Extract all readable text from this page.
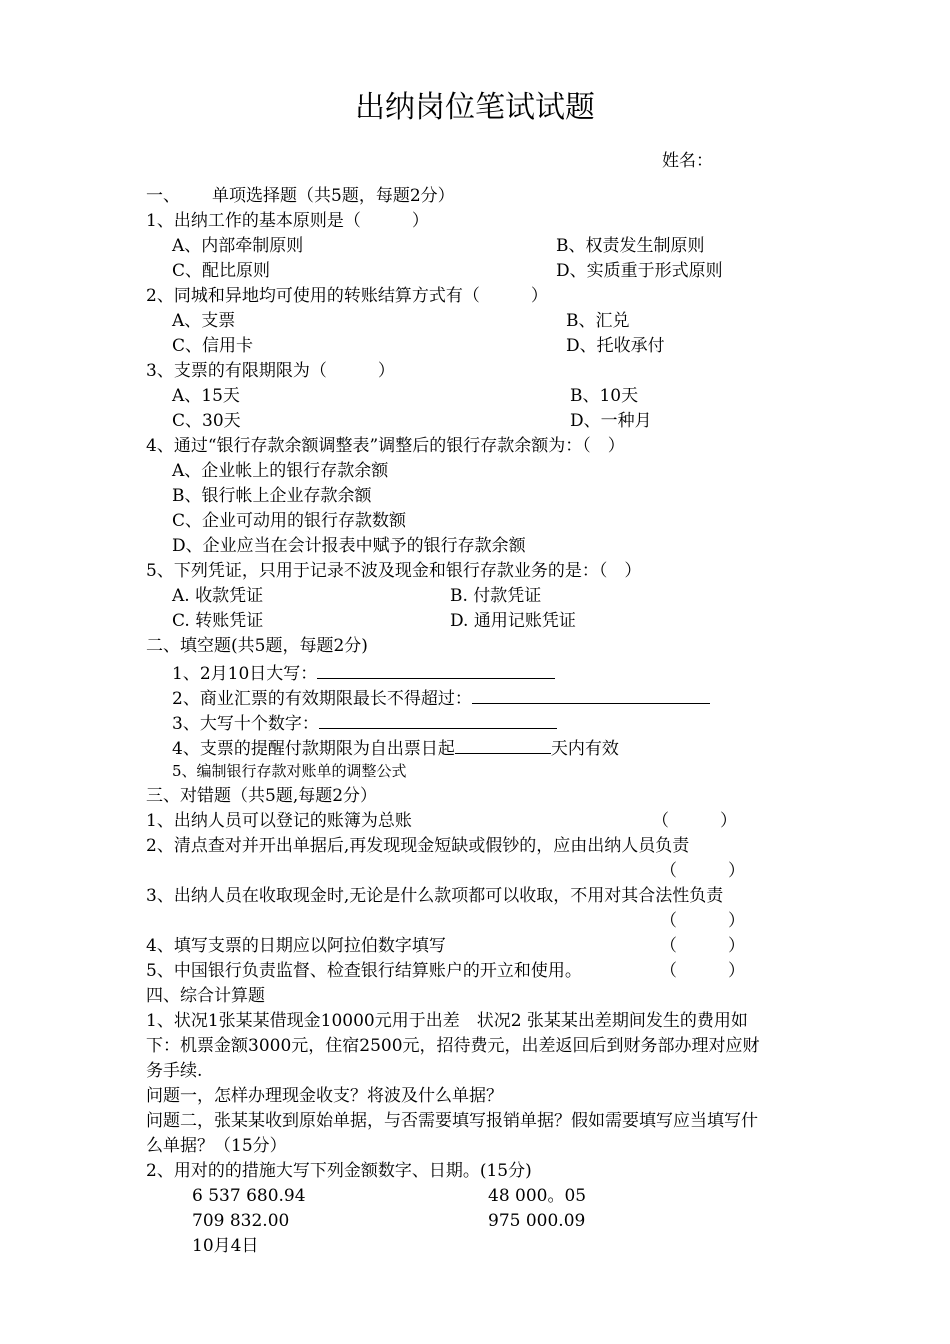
出纳岗位笔试试题
姓名：
一、 单项选择题（共5题，每题2分）
1、出纳工作的基本原则是（　　　）
A、内部牵制原则	B、权责发生制原则
C、配比原则	D、实质重于形式原则
2、同城和异地均可使用的转账结算方式有（　　　）
A、支票	B、汇兑
C、信用卡	D、托收承付
3、支票的有限期限为（　　　）
A、15天	B、10天
C、30天	D、一种月
4、通过“银行存款余额调整表”调整后的银行存款余额为：（　）
A、企业帐上的银行存款余额
B、银行帐上企业存款余额
C、企业可动用的银行存款数额
D、企业应当在会计报表中赋予的银行存款余额
5、下列凭证，只用于记录不波及现金和银行存款业务的是：（　）
A. 收款凭证	B. 付款凭证
C. 转账凭证	D. 通用记账凭证
二、填空题(共5题，每题2分)
1、2月10日大写：
2、商业汇票的有效期限最长不得超过：
3、大写十个数字：
4、支票的提醒付款期限为自出票日起	天内有效
5、编制银行存款对账单的调整公式
三、对错题（共5题,每题2分）
1、出纳人员可以登记的账簿为总账	（　　　）
2、清点查对并开出单据后,再发现现金短缺或假钞的，应由出纳人员负责
（　　　）
3、出纳人员在收取现金时,无论是什么款项都可以收取，不用对其合法性负责
（　　　）
4、填写支票的日期应以阿拉伯数字填写	（　　　）
5、中国银行负责监督、检查银行结算账户的开立和使用。	（　　　）
四、综合计算题
1、状况1张某某借现金10000元用于出差　状况2 张某某出差期间发生的费用如
下：机票金额3000元，住宿2500元，招待费元，出差返回后到财务部办理对应财
务手续.
问题一，怎样办理现金收支？将波及什么单据？
问题二，张某某收到原始单据，与否需要填写报销单据？假如需要填写应当填写什
么单据？（15分）
2、用对的的措施大写下列金额数字、日期。(15分)
6 537 680.94	48 000。05
709 832.00	975 000.09
10月4日
